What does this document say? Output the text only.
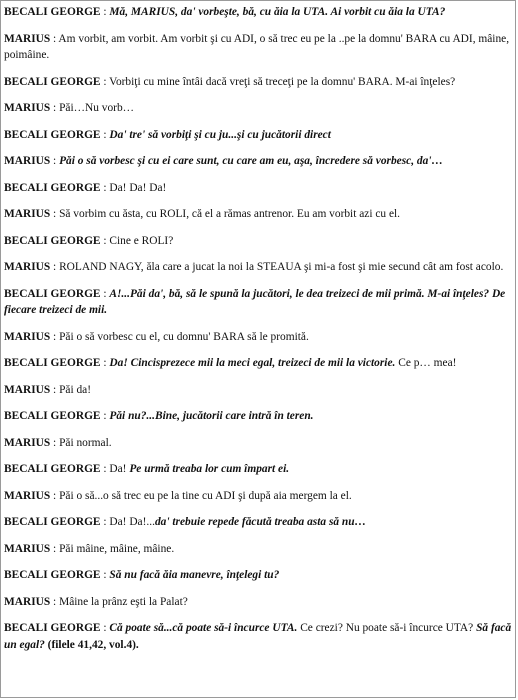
BECALI GEORGE : Mă, MARIUS, da' vorbeşte, bă, cu ăia la UTA. Ai vorbit cu ăia la UTA?

MARIUS : Am vorbit, am vorbit. Am vorbit şi cu ADI, o să trec eu pe la ..pe la domnu' BARA cu ADI, mâine, poimâine.

BECALI GEORGE : Vorbiţi cu mine întâi dacă vreţi să treceţi pe la domnu' BARA. M-ai înţeles?

MARIUS : Păi…Nu vorb…

BECALI GEORGE : Da' tre' să vorbiţi şi cu ju...şi cu jucătorii direct

MARIUS : Păi o să vorbesc şi cu ei care sunt, cu care am eu, aşa, încredere să vorbesc, da'…

BECALI GEORGE : Da! Da! Da!

MARIUS : Să vorbim cu ăsta, cu ROLI, că el a rămas antrenor. Eu am vorbit azi cu el.

BECALI GEORGE : Cine e ROLI?

MARIUS : ROLAND NAGY, ăla care a jucat la noi la STEAUA şi mi-a fost şi mie secund cât am fost acolo.

BECALI GEORGE : A!...Păi da', bă, să le spună la jucători, le dea treizeci de mii primă. M-ai înţeles? De fiecare treizeci de mii.

MARIUS : Păi o să vorbesc cu el, cu domnu' BARA să le promită.

BECALI GEORGE : Da! Cincisprezece mii la meci egal, treizeci de mii la victorie. Ce p… mea!

MARIUS : Păi da!

BECALI GEORGE : Păi nu?...Bine, jucătorii care intră în teren.

MARIUS : Păi normal.

BECALI GEORGE : Da! Pe urmă treaba lor cum împart ei.

MARIUS : Păi o să...o să trec eu pe la tine cu ADI şi după aia mergem la el.

BECALI GEORGE : Da! Da!...da' trebuie repede făcută treaba asta să nu…

MARIUS : Păi mâine, mâine, mâine.

BECALI GEORGE : Să nu facă ăia manevre, înţelegi tu?

MARIUS : Mâine la prânz eşti la Palat?

BECALI GEORGE : Că poate să...că poate să-i încurce UTA. Ce crezi? Nu poate să-i încurce UTA? Să facă un egal? (filele 41,42, vol.4).
